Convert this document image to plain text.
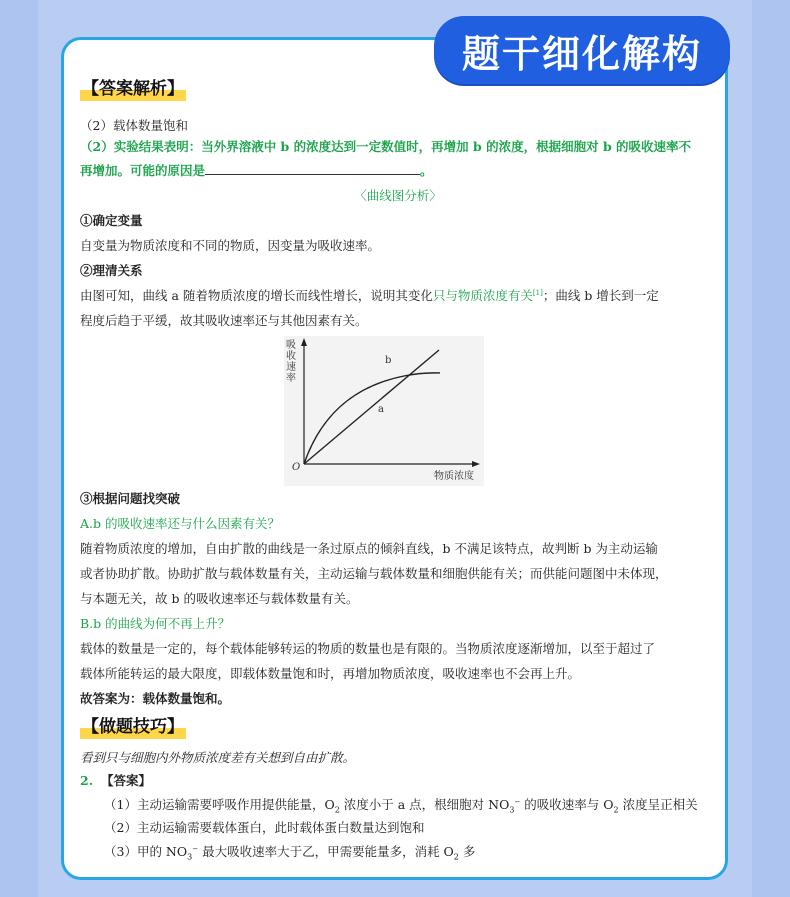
题干细化解构
【答案解析】
（2）载体数量饱和
（2）实验结果表明：当外界溶液中 b 的浓度达到一定数值时，再增加 b 的浓度，根据细胞对 b 的吸收速率不
再增加。可能的原因是	。
〈曲线图分析〉
①确定变量
自变量为物质浓度和不同的物质，因变量为吸收速率。
②理清关系
由图可知，曲线 a 随着物质浓度的增长而线性增长，说明其变化只与物质浓度有关[1]；曲线 b 增长到一定
程度后趋于平缓，故其吸收速率还与其他因素有关。
吸收速率
b
a
O
物质浓度
③根据问题找突破
A.b 的吸收速率还与什么因素有关？
随着物质浓度的增加，自由扩散的曲线是一条过原点的倾斜直线，b 不满足该特点，故判断 b 为主动运输
或者协助扩散。协助扩散与载体数量有关，主动运输与载体数量和细胞供能有关；而供能问题图中未体现，
与本题无关，故 b 的吸收速率还与载体数量有关。
B.b 的曲线为何不再上升？
载体的数量是一定的，每个载体能够转运的物质的数量也是有限的。当物质浓度逐渐增加，以至于超过了
载体所能转运的最大限度，即载体数量饱和时，再增加物质浓度，吸收速率也不会再上升。
故答案为：载体数量饱和。
【做题技巧】
看到只与细胞内外物质浓度差有关想到自由扩散。
2. 【答案】
（1）主动运输需要呼吸作用提供能量，$O_2$ 浓度小于 a 点，根细胞对 $NO_3^-$ 的吸收速率与 $O_2$ 浓度呈正相关
（2）主动运输需要载体蛋白，此时载体蛋白数量达到饱和
（3）甲的 $NO_3^-$ 最大吸收速率大于乙，甲需要能量多，消耗 $O_2$ 多
